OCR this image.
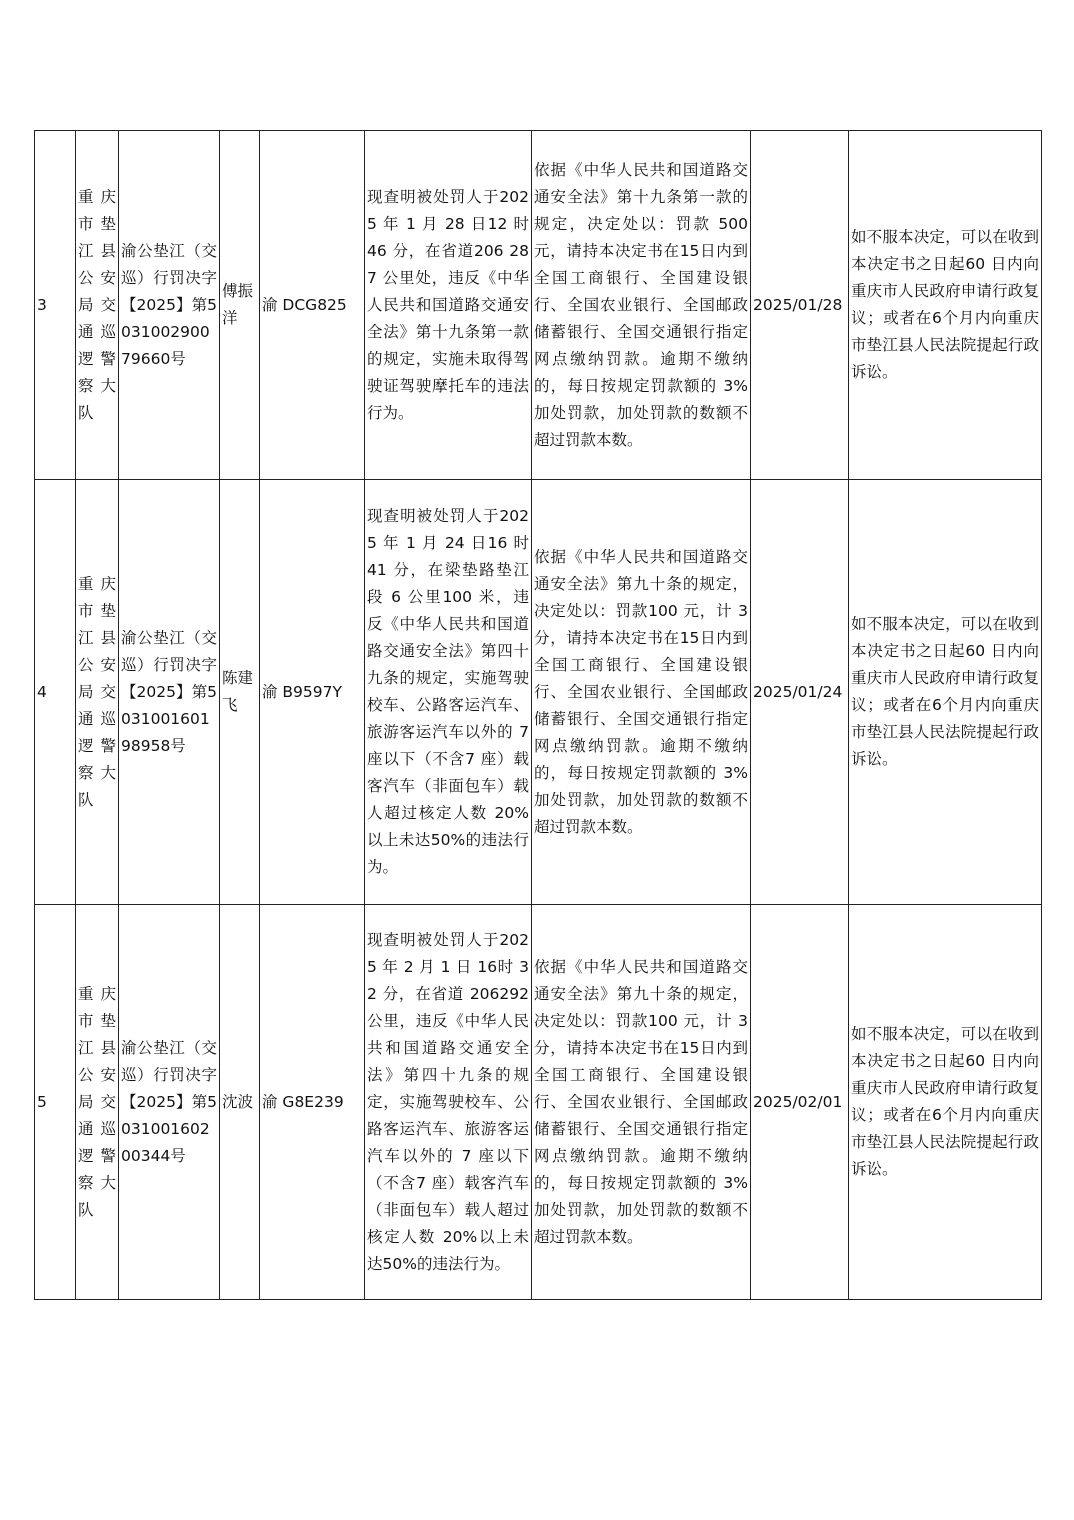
3	重庆市垫江县公安局交通巡逻警察大队	渝公垫江（交巡）行罚决字【2025】第503100290079660号	傅振洋	渝 DCG825	现查明被处罚人于2025 年 1 月 28 日12 时 46 分，在省道206 287 公里处，违反《中华人民共和国道路交通安全法》第十九条第一款的规定，实施未取得驾驶证驾驶摩托车的违法行为。	依据《中华人民共和国道路交通安全法》第十九条第一款的规定，决定处以：罚款 500 元，请持本决定书在15日内到全国工商银行、全国建设银行、全国农业银行、全国邮政储蓄银行、全国交通银行指定网点缴纳罚款。逾期不缴纳的，每日按规定罚款额的 3%加处罚款，加处罚款的数额不超过罚款本数。	2025/01/28	如不服本决定，可以在收到本决定书之日起60 日内向重庆市人民政府申请行政复议；或者在6个月内向重庆市垫江县人民法院提起行政诉讼。
4	重庆市垫江县公安局交通巡逻警察大队	渝公垫江（交巡）行罚决字【2025】第503100160198958号	陈建飞	渝 B9597Y	现查明被处罚人于2025 年 1 月 24 日16 时 41 分，在梁垫路垫江段 6 公里100 米，违反《中华人民共和国道路交通安全法》第四十九条的规定，实施驾驶校车、公路客运汽车、旅游客运汽车以外的 7 座以下（不含7 座）载客汽车（非面包车）载人超过核定人数 20%以上未达50%的违法行为。	依据《中华人民共和国道路交通安全法》第九十条的规定，决定处以：罚款100 元，计 3 分，请持本决定书在15日内到全国工商银行、全国建设银行、全国农业银行、全国邮政储蓄银行、全国交通银行指定网点缴纳罚款。逾期不缴纳的，每日按规定罚款额的 3%加处罚款，加处罚款的数额不超过罚款本数。	2025/01/24	如不服本决定，可以在收到本决定书之日起60 日内向重庆市人民政府申请行政复议；或者在6个月内向重庆市垫江县人民法院提起行政诉讼。
5	重庆市垫江县公安局交通巡逻警察大队	渝公垫江（交巡）行罚决字【2025】第503100160200344号	沈波	渝 G8E239	现查明被处罚人于2025 年 2 月 1 日 16时 32 分，在省道 206292 公里，违反《中华人民共和国道路交通安全法》第四十九条的规定，实施驾驶校车、公路客运汽车、旅游客运汽车以外的 7 座以下（不含7 座）载客汽车（非面包车）载人超过核定人数 20%以上未达50%的违法行为。	依据《中华人民共和国道路交通安全法》第九十条的规定，决定处以：罚款100 元，计 3 分，请持本决定书在15日内到全国工商银行、全国建设银行、全国农业银行、全国邮政储蓄银行、全国交通银行指定网点缴纳罚款。逾期不缴纳的，每日按规定罚款额的 3%加处罚款，加处罚款的数额不超过罚款本数。	2025/02/01	如不服本决定，可以在收到本决定书之日起60 日内向重庆市人民政府申请行政复议；或者在6个月内向重庆市垫江县人民法院提起行政诉讼。
